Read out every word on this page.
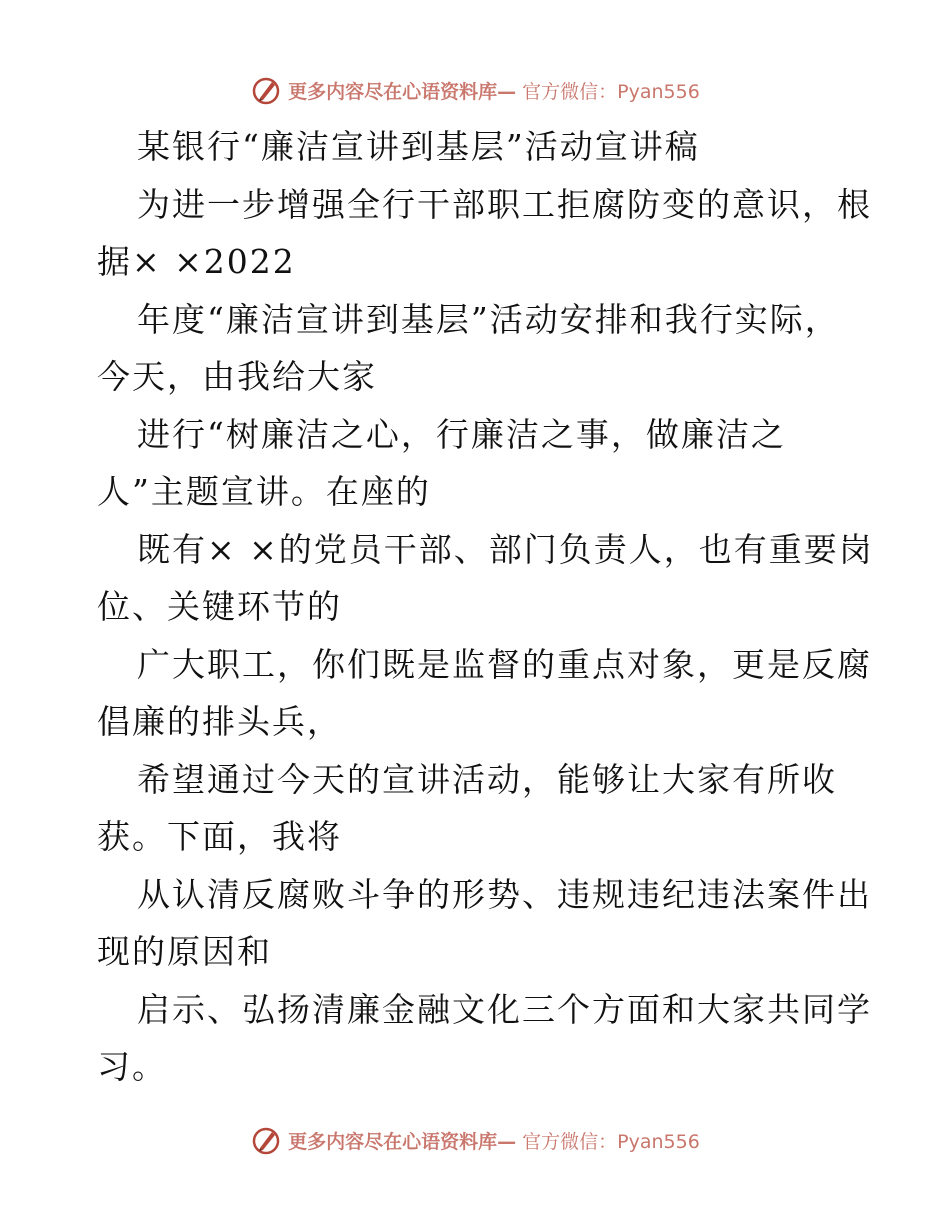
更多内容尽在心语资料库— 官方微信：Pyan556
某银行“廉洁宣讲到基层”活动宣讲稿
为进一步增强全行干部职工拒腐防变的意识，根
据× ×2022
年度“廉洁宣讲到基层”活动安排和我行实际，
今天，由我给大家
进行“树廉洁之心，行廉洁之事，做廉洁之
人”主题宣讲。在座的
既有× ×的党员干部、部门负责人，也有重要岗
位、关键环节的
广大职工，你们既是监督的重点对象，更是反腐
倡廉的排头兵，
希望通过今天的宣讲活动，能够让大家有所收
获。下面，我将
从认清反腐败斗争的形势、违规违纪违法案件出
现的原因和
启示、弘扬清廉金融文化三个方面和大家共同学
习。
更多内容尽在心语资料库— 官方微信：Pyan556
